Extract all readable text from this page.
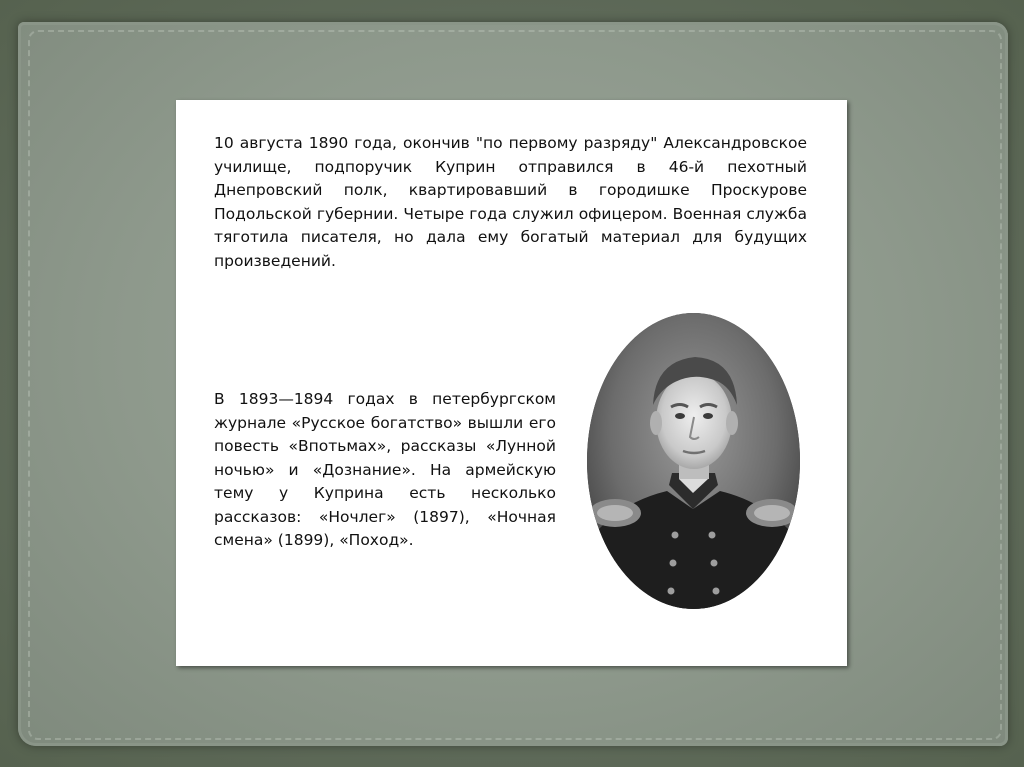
10 августа 1890 года, окончив "по первому разряду" Александровское училище, подпоручик Куприн отправился в 46-й пехотный Днепровский полк, квартировавший в городишке Проскурове Подольской губернии. Четыре года служил офицером. Военная служба тяготила писателя, но дала ему богатый материал для будущих произведений.

В 1893—1894 годах в петербургском журнале «Русское богатство» вышли его повесть «Впотьмах», рассказы «Лунной ночью» и «Дознание». На армейскую тему у Куприна есть несколько рассказов: «Ночлег» (1897), «Ночная смена» (1899), «Поход».
